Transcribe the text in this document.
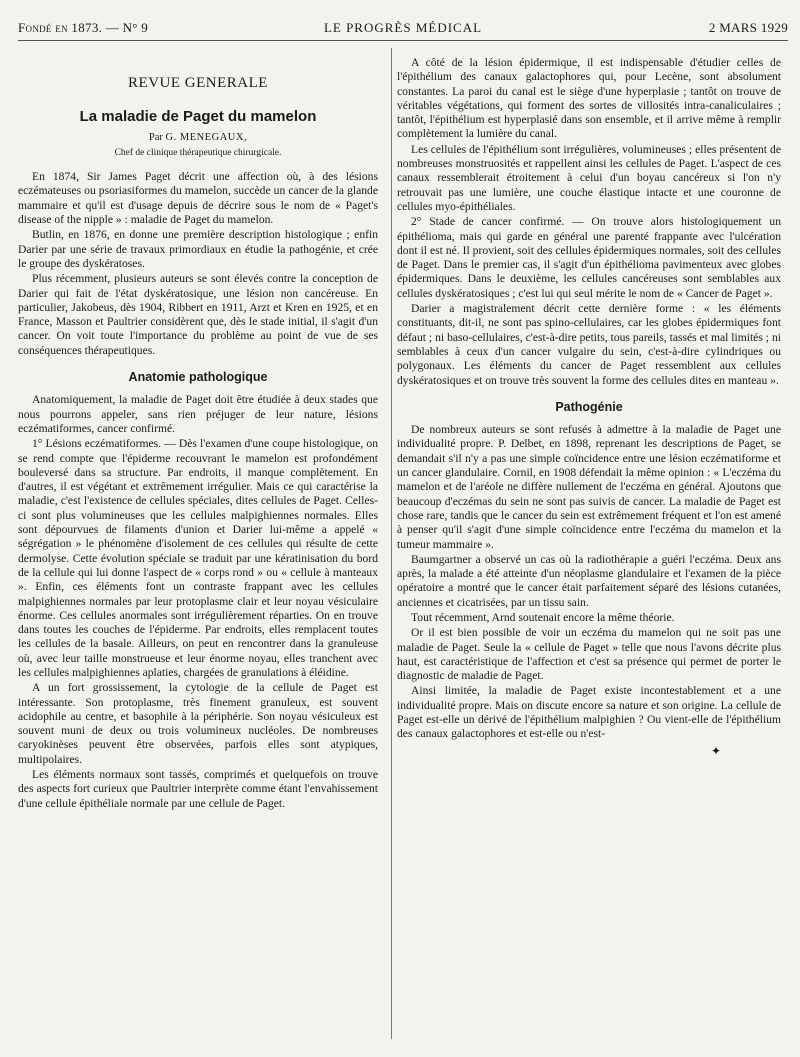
Fondé en 1873. — N° 9	LE PROGRÈS MÉDICAL	2 MARS 1929
REVUE GENERALE
La maladie de Paget du mamelon
Par G. MENEGAUX,
Chef de clinique thérapeutique chirurgicale.

En 1874, Sir James Paget décrit une affection où, à des lésions eczémateuses ou psoriasiformes du mamelon, succède un cancer de la glande mammaire et qu'il est d'usage depuis de décrire sous le nom de « Paget's disease of the nipple » : maladie de Paget du mamelon.

Butlin, en 1876, en donne une première description histologique ; enfin Darier par une série de travaux primordiaux en étudie la pathogénie, et crée le groupe des dyskératoses.

Plus récemment, plusieurs auteurs se sont élevés contre la conception de Darier qui fait de l'état dyskératosique, une lésion non cancéreuse. En particulier, Jakobeus, dès 1904, Ribbert en 1911, Arzt et Kren en 1925, et en France, Masson et Paultrier considèrent que, dès le stade initial, il s'agit d'un cancer. On voit toute l'importance du problème au point de vue de ses conséquences thérapeutiques.

Anatomie pathologique

Anatomiquement, la maladie de Paget doit être étudiée à deux stades que nous pourrons appeler, sans rien préjuger de leur nature, lésions eczématiformes, cancer confirmé.

1° Lésions eczématiformes. — Dès l'examen d'une coupe histologique, on se rend compte que l'épiderme recouvrant le mamelon est profondément bouleversé dans sa structure. Par endroits, il manque complètement. En d'autres, il est végétant et extrêmement irrégulier. Mais ce qui caractérise la maladie, c'est l'existence de cellules spéciales, dites cellules de Paget. Celles-ci sont plus volumineuses que les cellules malpighiennes normales. Elles sont dépourvues de filaments d'union et Darier lui-même a appelé « ségrégation » le phénomène d'isolement de ces cellules qui résulte de cette dermolyse. Cette évolution spéciale se traduit par une kératinisation du bord de la cellule qui lui donne l'aspect de « corps rond » ou « cellule à manteaux ». Enfin, ces éléments font un contraste frappant avec les cellules malpighiennes normales par leur protoplasme clair et leur noyau vésiculaire énorme. Ces cellules anormales sont irrégulièrement réparties. On en trouve dans toutes les couches de l'épiderme. Par endroits, elles remplacent toutes les cellules de la basale. Ailleurs, on peut en rencontrer dans la granuleuse où, avec leur taille monstrueuse et leur énorme noyau, elles tranchent avec les cellules malpighiennes aplaties, chargées de granulations à éléidine.

A un fort grossissement, la cytologie de la cellule de Paget est intéressante. Son protoplasme, très finement granuleux, est souvent acidophile au centre, et basophile à la périphérie. Son noyau vésiculeux est souvent muni de deux ou trois volumineux nucléoles. De nombreuses caryokinèses peuvent être observées, parfois elles sont atypiques, multipolaires.

Les éléments normaux sont tassés, comprimés et quelquefois on trouve des aspects fort curieux que Paultrier interprète comme étant l'envahissement d'une cellule épithéliale normale par une cellule de Paget.

A côté de la lésion épidermique, il est indispensable d'étudier celles de l'épithélium des canaux galactophores qui, pour Lecène, sont absolument constantes. La paroi du canal est le siège d'une hyperplasie ; tantôt on trouve de véritables végétations, qui forment des sortes de villosités intra-canaliculaires ; tantôt, l'épithélium est hyperplasié dans son ensemble, et il arrive même à remplir complètement la lumière du canal.

Les cellules de l'épithélium sont irrégulières, volumineuses ; elles présentent de nombreuses monstruosités et rappellent ainsi les cellules de Paget. L'aspect de ces canaux ressemblerait étroitement à celui d'un boyau cancéreux si l'on n'y retrouvait pas une lumière, une couche élastique intacte et une couronne de cellules myo-épithéliales.

2° Stade de cancer confirmé. — On trouve alors histologiquement un épithélioma, mais qui garde en général une parenté frappante avec l'ulcération dont il est né. Il provient, soit des cellules épidermiques normales, soit des cellules de Paget. Dans le premier cas, il s'agit d'un épithélioma pavimenteux avec globes épidermiques. Dans le deuxième, les cellules cancéreuses sont semblables aux cellules dyskératosiques ; c'est lui qui seul mérite le nom de « Cancer de Paget ».

Darier a magistralement décrit cette dernière forme : « les éléments constituants, dit-il, ne sont pas spino-cellulaires, car les globes épidermiques font défaut ; ni baso-cellulaires, c'est-à-dire petits, tous pareils, tassés et mal limités ; ni semblables à ceux d'un cancer vulgaire du sein, c'est-à-dire cylindriques ou polygonaux. Les éléments du cancer de Paget ressemblent aux cellules dyskératosiques et on trouve très souvent la forme des cellules dites en manteau ».

Pathogénie

De nombreux auteurs se sont refusés à admettre à la maladie de Paget une individualité propre. P. Delbet, en 1898, reprenant les descriptions de Paget, se demandait s'il n'y a pas une simple coïncidence entre une lésion eczématiforme et un cancer glandulaire. Cornil, en 1908 défendait la même opinion : « L'eczéma du mamelon et de l'aréole ne diffère nullement de l'eczéma en général. Ajoutons que beaucoup d'eczémas du sein ne sont pas suivis de cancer. La maladie de Paget est chose rare, tandis que le cancer du sein est extrêmement fréquent et l'on est amené à penser qu'il s'agit d'une simple coïncidence entre l'eczéma du mamelon et la tumeur mammaire ».

Baumgartner a observé un cas où la radiothérapie a guéri l'eczéma. Deux ans après, la malade a été atteinte d'un néoplasme glandulaire et l'examen de la pièce opératoire a montré que le cancer était parfaitement séparé des lésions cutanées, anciennes et cicatrisées, par un tissu sain.

Tout récemment, Arnd soutenait encore la même théorie.

Or il est bien possible de voir un eczéma du mamelon qui ne soit pas une maladie de Paget. Seule la « cellule de Paget » telle que nous l'avons décrite plus haut, est caractéristique de l'affection et c'est sa présence qui permet de porter le diagnostic de maladie de Paget.

Ainsi limitée, la maladie de Paget existe incontestablement et a une individualité propre. Mais on discute encore sa nature et son origine. La cellule de Paget est-elle un dérivé de l'épithélium malpighien ? Ou vient-elle de l'épithélium des canaux galactophores et est-elle ou n'est-

✦
